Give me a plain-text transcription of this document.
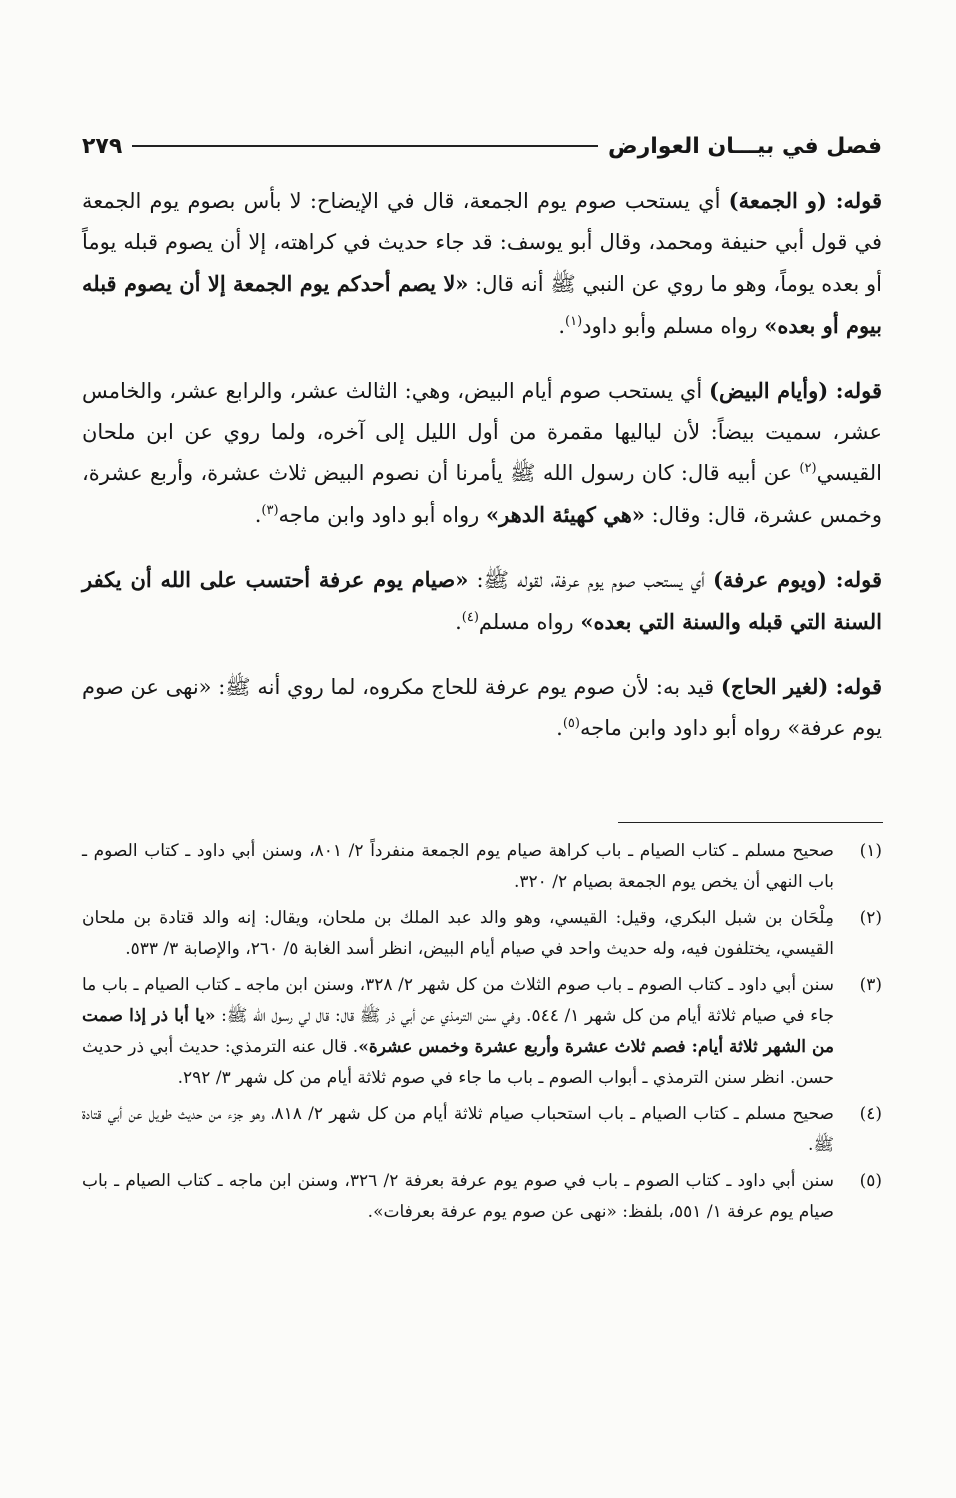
فصل في بيـــان العوارض
٢٧٩

قوله: (و الجمعة) أي يستحب صوم يوم الجمعة، قال في الإيضاح: لا بأس بصوم يوم الجمعة في قول أبي حنيفة ومحمد، وقال أبو يوسف: قد جاء حديث في كراهته، إلا أن يصوم قبله يوماً أو بعده يوماً، وهو ما روي عن النبي ﷺ أنه قال: «لا يصم أحدكم يوم الجمعة إلا أن يصوم قبله بيوم أو بعده» رواه مسلم وأبو داود$^{(١)}$.

قوله: (وأيام البيض) أي يستحب صوم أيام البيض، وهي: الثالث عشر، والرابع عشر، والخامس عشر، سميت بيضاً: لأن لياليها مقمرة من أول الليل إلى آخره، ولما روي عن ابن ملحان القيسي$^{(٢)}$ عن أبيه قال: كان رسول الله ﷺ يأمرنا أن نصوم البيض ثلاث عشرة، وأربع عشرة، وخمس عشرة، قال: وقال: «هي كهيئة الدهر» رواه أبو داود وابن ماجه$^{(٣)}$.

قوله: (ويوم عرفة) أي يستحب صوم يوم عرفة، لقوله ﷺ: «صيام يوم عرفة أحتسب على الله أن يكفر السنة التي قبله والسنة التي بعده» رواه مسلم$^{(٤)}$.

قوله: (لغير الحاج) قيد به: لأن صوم يوم عرفة للحاج مكروه، لما روي أنه ﷺ: «نهى عن صوم يوم عرفة» رواه أبو داود وابن ماجه$^{(٥)}$.

(١)
صحيح مسلم ـ كتاب الصيام ـ باب كراهة صيام يوم الجمعة منفرداً ٢/ ٨٠١، وسنن أبي داود ـ كتاب الصوم ـ باب النهي أن يخص يوم الجمعة بصيام ٢/ ٣٢٠.
(٢)
مِلْحَان بن شبل البكري، وقيل: القيسي، وهو والد عبد الملك بن ملحان، ويقال: إنه والد قتادة بن ملحان القيسي، يختلفون فيه، وله حديث واحد في صيام أيام البيض، انظر أسد الغابة ٥/ ٢٦٠، والإصابة ٣/ ٥٣٣.
(٣)
سنن أبي داود ـ كتاب الصوم ـ باب صوم الثلاث من كل شهر ٢/ ٣٢٨، وسنن ابن ماجه ـ كتاب الصيام ـ باب ما جاء في صيام ثلاثة أيام من كل شهر ١/ ٥٤٤. وفي سنن الترمذي عن أبي ذر ﷺ قال: قال لي رسول الله ﷺ: «يا أبا ذر إذا صمت من الشهر ثلاثة أيام: فصم ثلاث عشرة وأربع عشرة وخمس عشرة». قال عنه الترمذي: حديث أبي ذر حديث حسن. انظر سنن الترمذي ـ أبواب الصوم ـ باب ما جاء في صوم ثلاثة أيام من كل شهر ٣/ ٢٩٢.
(٤)
صحيح مسلم ـ كتاب الصيام ـ باب استحباب صيام ثلاثة أيام من كل شهر ٢/ ٨١٨، وهو جزء من حديث طويل عن أبي قتادة ﷺ.
(٥)
سنن أبي داود ـ كتاب الصوم ـ باب في صوم يوم عرفة بعرفة ٢/ ٣٢٦، وسنن ابن ماجه ـ كتاب الصيام ـ باب صيام يوم عرفة ١/ ٥٥١، بلفظ: «نهى عن صوم يوم عرفة بعرفات».
